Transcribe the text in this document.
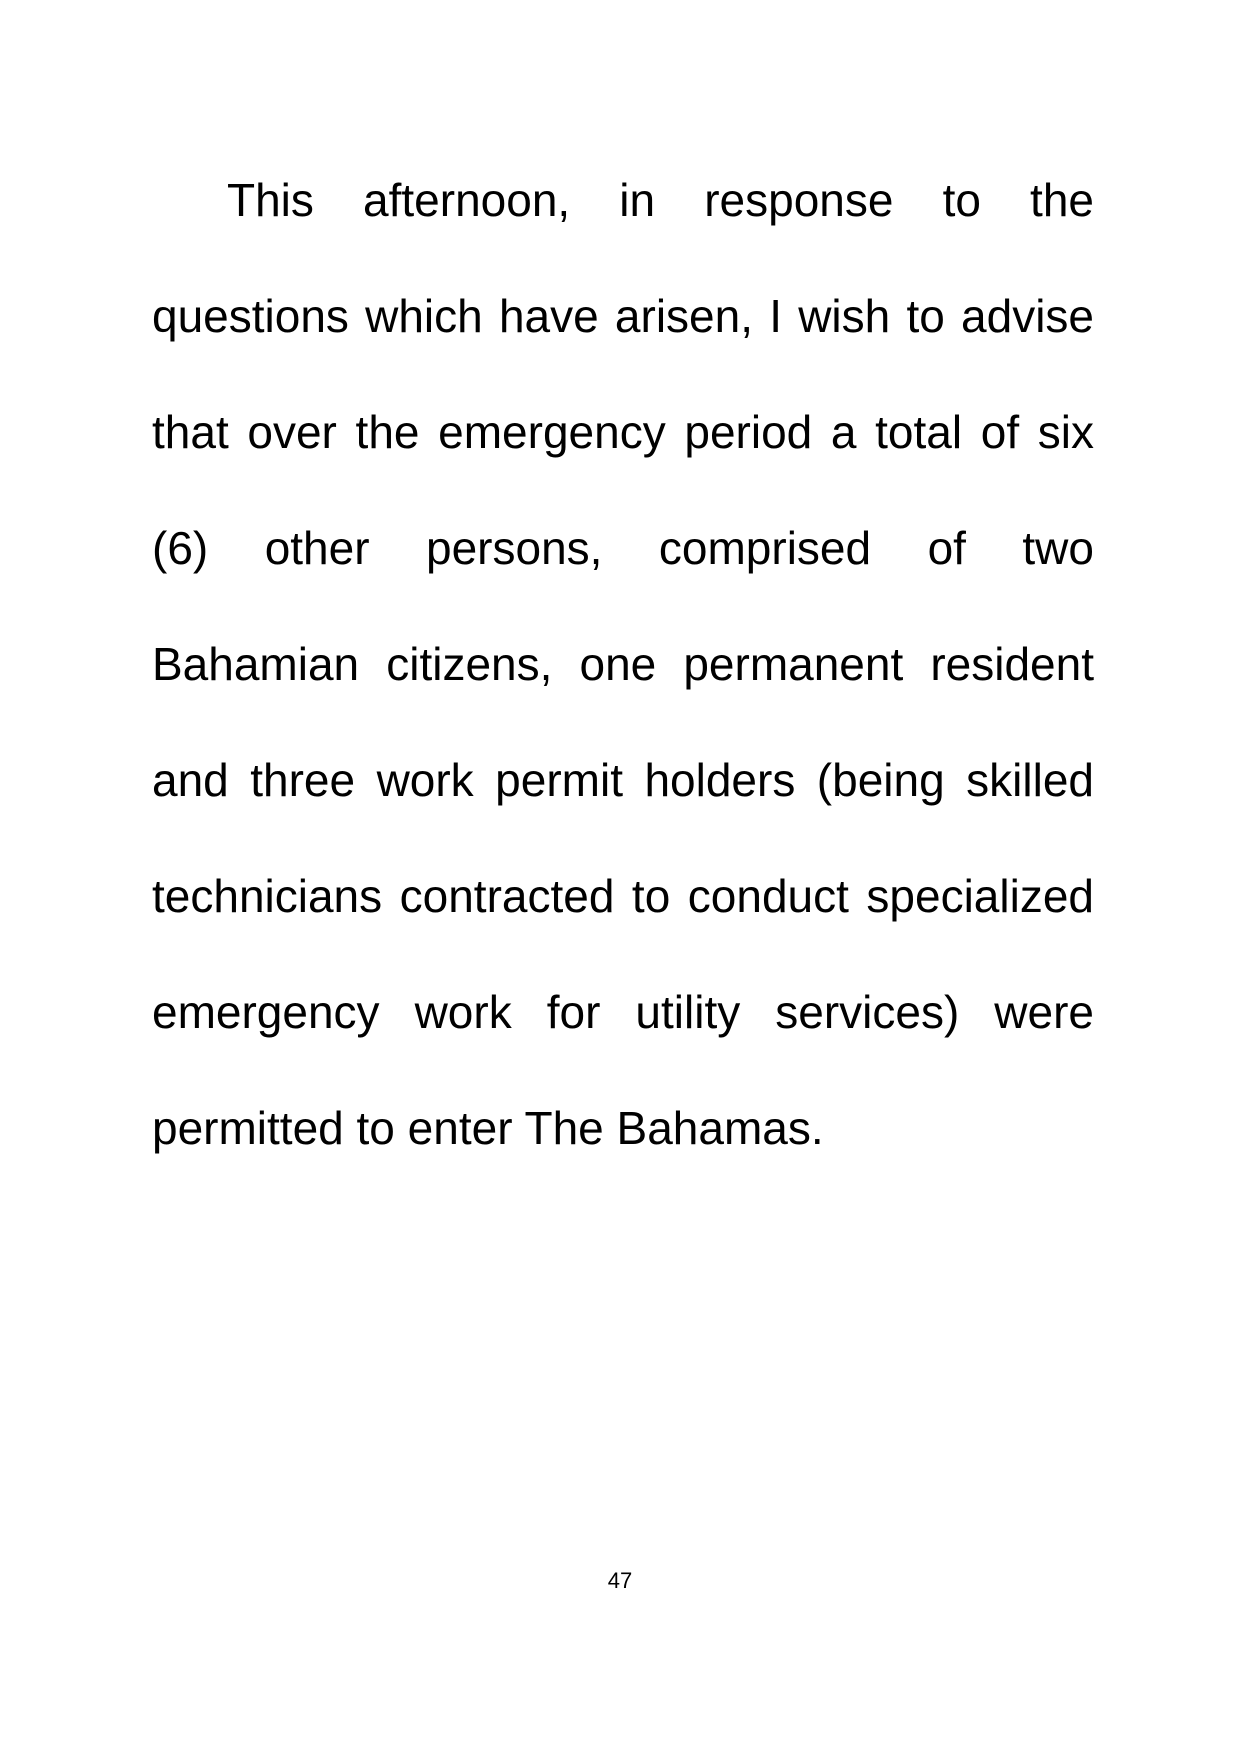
This afternoon, in response to the questions which have arisen, I wish to advise that over the emergency period a total of six (6) other persons, comprised of two Bahamian citizens, one permanent resident and three work permit holders (being skilled technicians contracted to conduct specialized emergency work for utility services) were permitted to enter The Bahamas.

47
